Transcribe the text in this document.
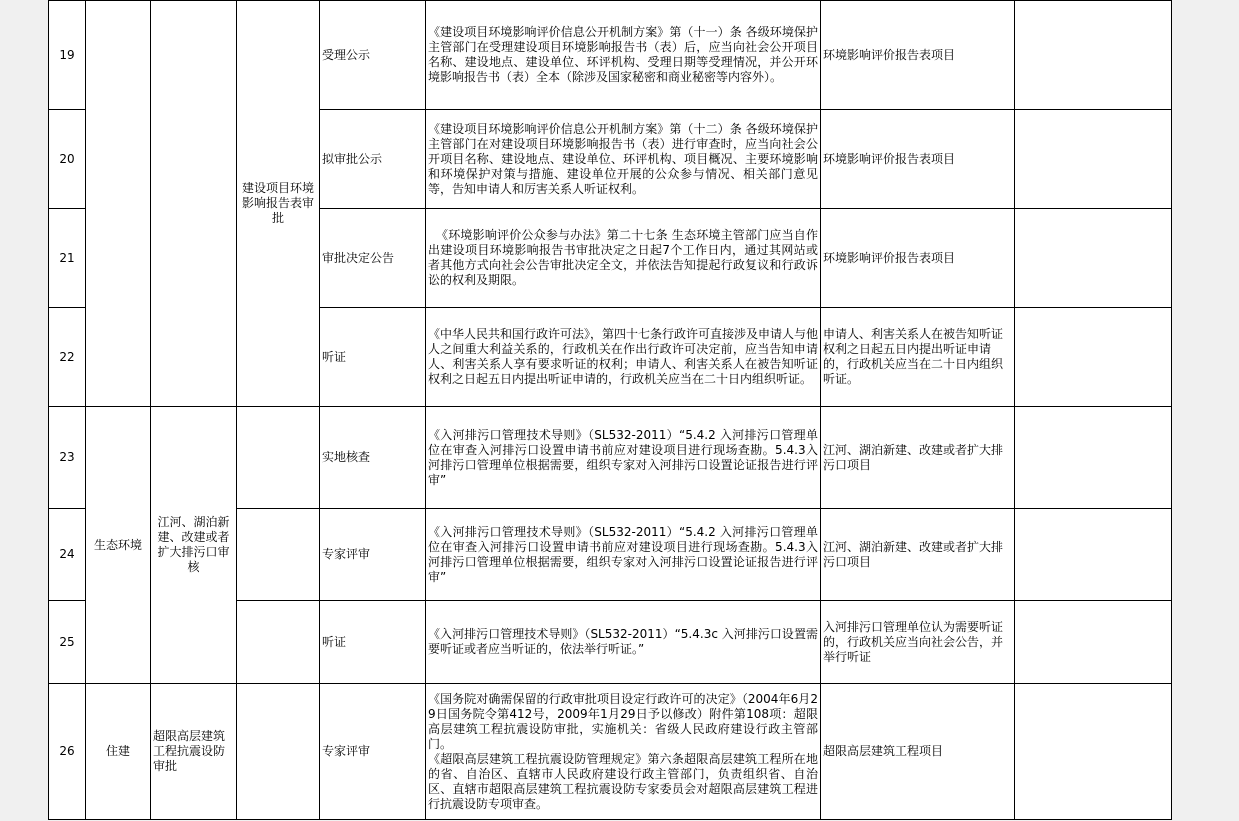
19			建设项目环境影响报告表审批	受理公示	《建设项目环境影响评价信息公开机制方案》第（十一）条 各级环境保护主管部门在受理建设项目环境影响报告书（表）后，应当向社会公开项目名称、建设地点、建设单位、环评机构、受理日期等受理情况，并公开环境影响报告书（表）全本（除涉及国家秘密和商业秘密等内容外）。	环境影响评价报告表项目	
20				拟审批公示	《建设项目环境影响评价信息公开机制方案》第（十二）条 各级环境保护主管部门在对建设项目环境影响报告书（表）进行审查时，应当向社会公开项目名称、建设地点、建设单位、环评机构、项目概况、主要环境影响和环境保护对策与措施、建设单位开展的公众参与情况、相关部门意见等，告知申请人和厉害关系人听证权利。	环境影响评价报告表项目	
21				审批决定公告	《环境影响评价公众参与办法》第二十七条 生态环境主管部门应当自作出建设项目环境影响报告书审批决定之日起7个工作日内，通过其网站或者其他方式向社会公告审批决定全文，并依法告知提起行政复议和行政诉讼的权利及期限。	环境影响评价报告表项目	
22				听证	《中华人民共和国行政许可法》，第四十七条行政许可直接涉及申请人与他人之间重大利益关系的，行政机关在作出行政许可决定前，应当告知申请人、利害关系人享有要求听证的权利；申请人、利害关系人在被告知听证权利之日起五日内提出听证申请的，行政机关应当在二十日内组织听证。	申请人、利害关系人在被告知听证权利之日起五日内提出听证申请的，行政机关应当在二十日内组织听证。	
23	生态环境	江河、湖泊新建、改建或者扩大排污口审核		实地核查	《入河排污口管理技术导则》（SL532-2011）“5.4.2 入河排污口管理单位在审查入河排污口设置申请书前应对建设项目进行现场查勘。5.4.3入河排污口管理单位根据需要，组织专家对入河排污口设置论证报告进行评审”	江河、湖泊新建、改建或者扩大排污口项目	
24				专家评审	《入河排污口管理技术导则》（SL532-2011）“5.4.2 入河排污口管理单位在审查入河排污口设置申请书前应对建设项目进行现场查勘。5.4.3入河排污口管理单位根据需要，组织专家对入河排污口设置论证报告进行评审”	江河、湖泊新建、改建或者扩大排污口项目	
25				听证	《入河排污口管理技术导则》（SL532-2011）“5.4.3c 入河排污口设置需要听证或者应当听证的，依法举行听证。”	入河排污口管理单位认为需要听证的，行政机关应当向社会公告，并举行听证	
26	住建	超限高层建筑工程抗震设防审批		专家评审	《国务院对确需保留的行政审批项目设定行政许可的决定》（2004年6月29日国务院令第412号，2009年1月29日予以修改）附件第108项：超限高层建筑工程抗震设防审批，实施机关：省级人民政府建设行政主管部门。
《超限高层建筑工程抗震设防管理规定》第六条超限高层建筑工程所在地的省、自治区、直辖市人民政府建设行政主管部门，负责组织省、自治区、直辖市超限高层建筑工程抗震设防专家委员会对超限高层建筑工程进行抗震设防专项审查。	超限高层建筑工程项目	
